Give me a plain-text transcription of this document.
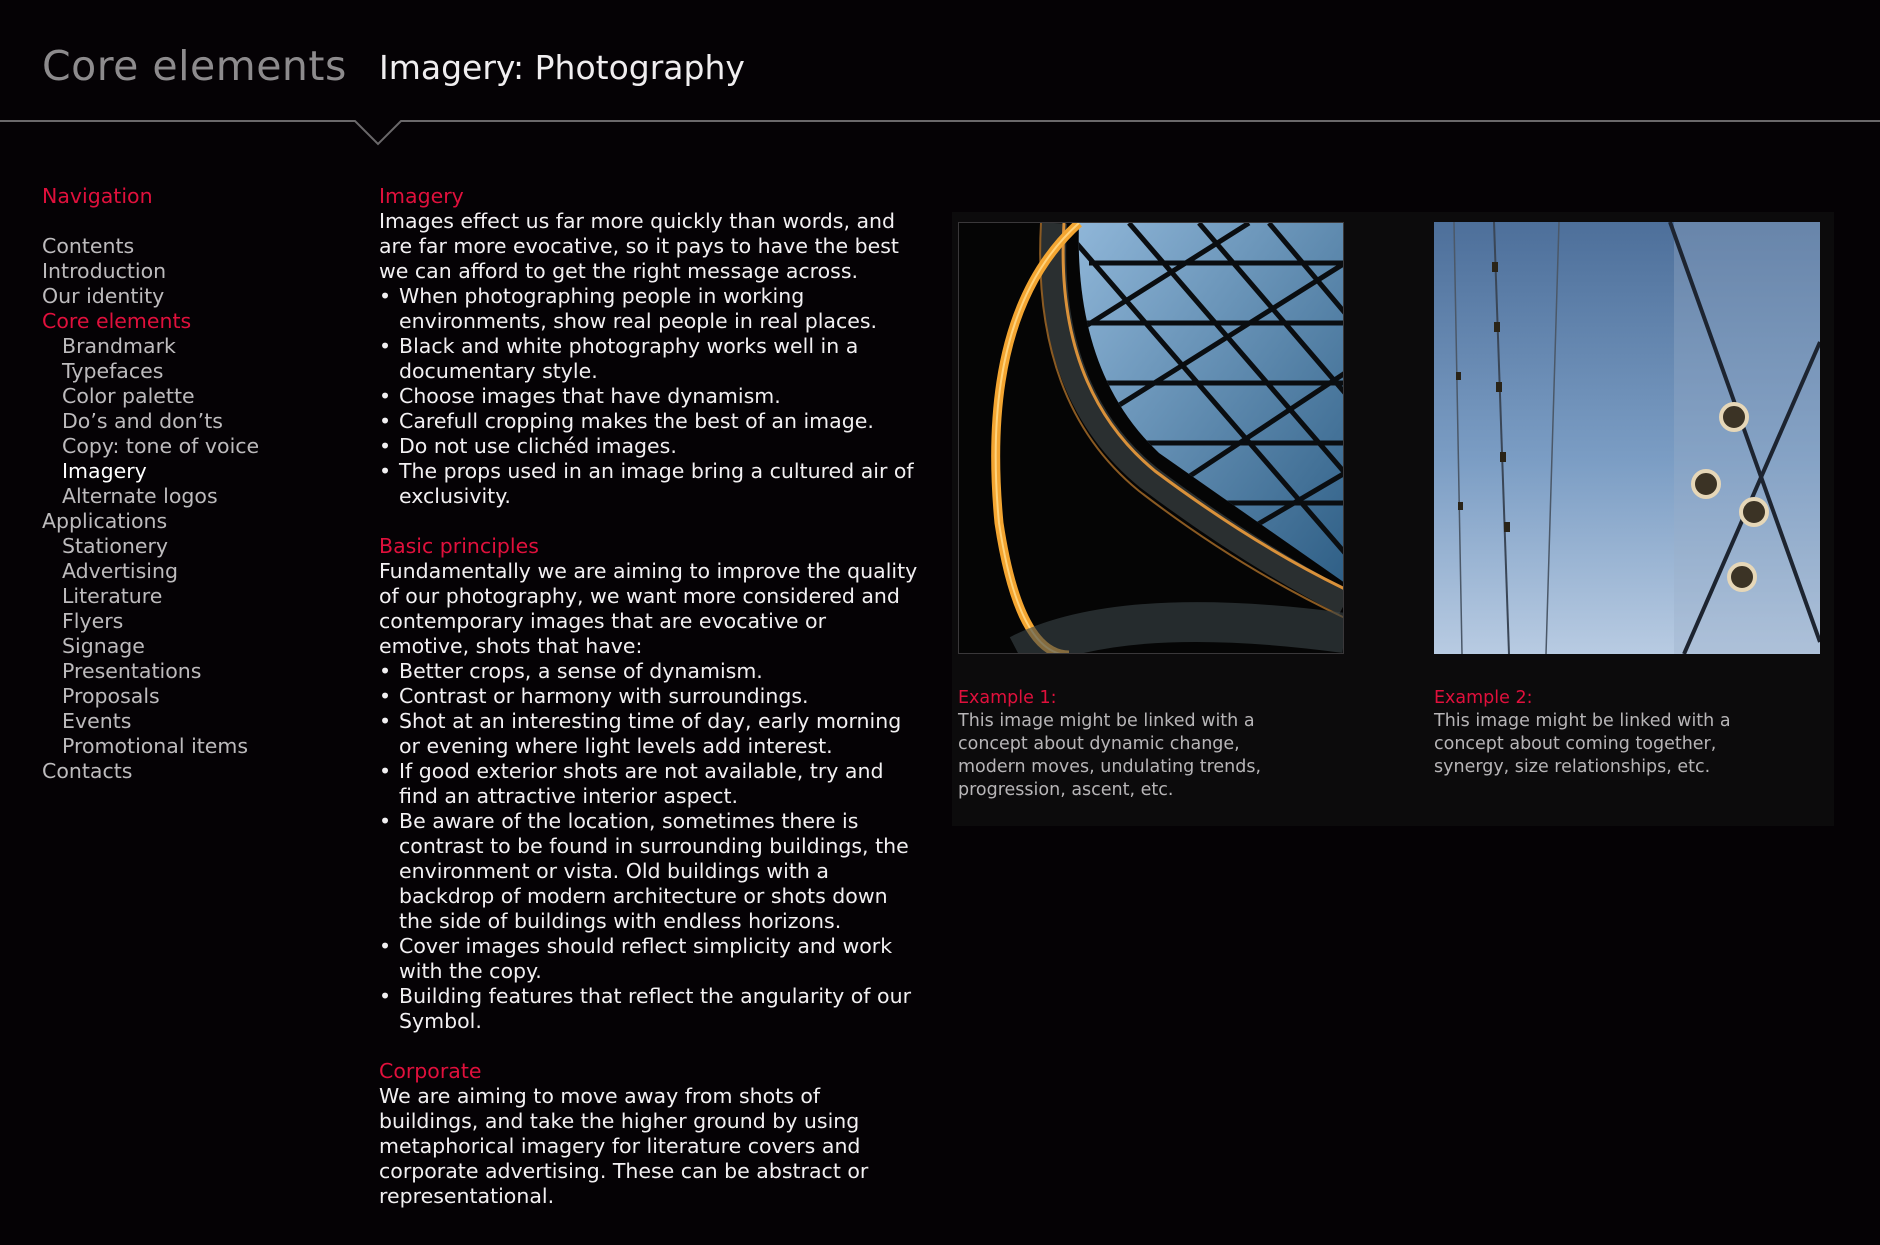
Core elements Imagery: Photography
Navigation
Contents
Introduction
Our identity
Core elements
Brandmark
Typefaces
Color palette
Do’s and don’ts
Copy: tone of voice
Imagery
Alternate logos
Applications
Stationery
Advertising
Literature
Flyers
Signage
Presentations
Proposals
Events
Promotional items
Contacts
Imagery

Images effect us far more quickly than words, and are far more evocative, so it pays to have the best we can afford to get the right message across.

• When photographing people in working environments, show real people in real places.
• Black and white photography works well in a documentary style.
• Choose images that have dynamism.
• Carefull cropping makes the best of an image.
• Do not use clichéd images.
• The props used in an image bring a cultured air of exclusivity.
Basic principles

Fundamentally we are aiming to improve the quality of our photography, we want more considered and contemporary images that are evocative or emotive, shots that have:

• Better crops, a sense of dynamism.
• Contrast or harmony with surroundings.
• Shot at an interesting time of day, early morning or evening where light levels add interest.
• If good exterior shots are not available, try and find an attractive interior aspect.
• Be aware of the location, sometimes there is contrast to be found in surrounding buildings, the environment or vista. Old buildings with a backdrop of modern architecture or shots down the side of buildings with endless horizons.
• Cover images should reflect simplicity and work with the copy.
• Building features that reflect the angularity of our Symbol.
Corporate

We are aiming to move away from shots of buildings, and take the higher ground by using metaphorical imagery for literature covers and corporate advertising. These can be abstract or representational.

Example 1:
This image might be linked with a concept about dynamic change, modern moves, undulating trends, progression, ascent, etc.
Example 2:
This image might be linked with a concept about coming together, synergy, size relationships, etc.
